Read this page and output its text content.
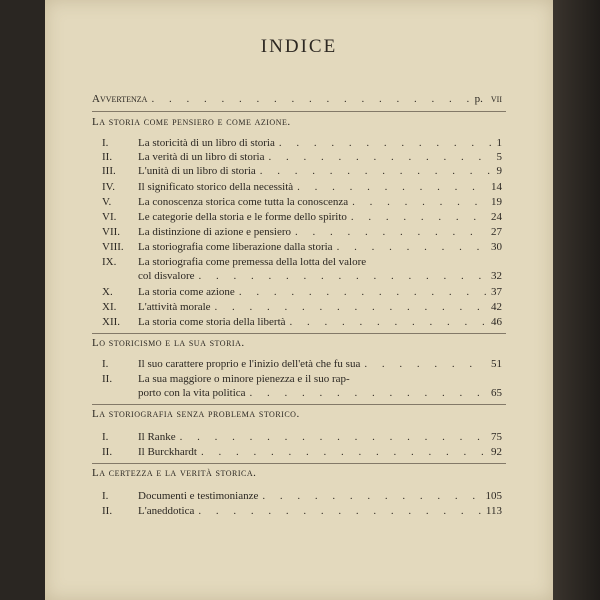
INDICE
Avvertenza . . .	p. vii
La storia come pensiero e come azione.
I.	La storicità di un libro di storia . . .	1
II.	La verità di un libro di storia . . .	5
III.	L'unità di un libro di storia . . .	9
IV.	Il significato storico della necessità . . .	14
V.	La conoscenza storica come tutta la conoscenza . . .	19
VI.	Le categorie della storia e le forme dello spirito . . .	24
VII.	La distinzione di azione e pensiero . . .	27
VIII.	La storiografia come liberazione dalla storia . . .	30
IX.	La storiografia come premessa della lotta del valore
col disvalore . . .	32
X.	La storia come azione . . .	37
XI.	L'attività morale . . .	42
XII.	La storia come storia della libertà . . .	46
Lo storicismo e la sua storia.
I.	Il suo carattere proprio e l'inizio dell'età che fu sua . . .	51
II.	La sua maggiore o minore pienezza e il suo rap-
porto con la vita politica . . .	65
La storiografia senza problema storico.
I.	Il Ranke . . .	75
II.	Il Burckhardt . . .	92
La certezza e la verità storica.
I.	Documenti e testimonianze . . .	105
II.	L'aneddotica . . .	113
